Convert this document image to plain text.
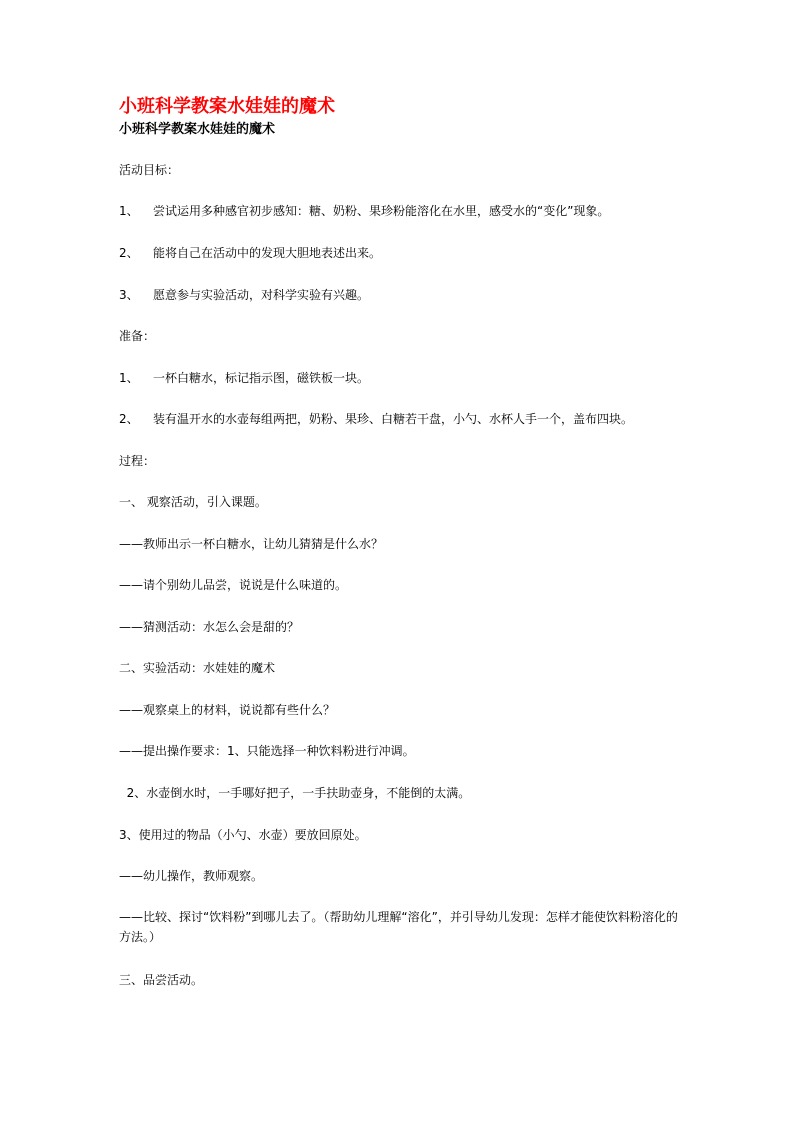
小班科学教案水娃娃的魔术
小班科学教案水娃娃的魔术
活动目标：
1、 尝试运用多种感官初步感知：糖、奶粉、果珍粉能溶化在水里，感受水的“变化”现象。
2、 能将自己在活动中的发现大胆地表述出来。
3、 愿意参与实验活动，对科学实验有兴趣。
准备：
1、 一杯白糖水，标记指示图，磁铁板一块。
2、 装有温开水的水壶每组两把，奶粉、果珍、白糖若干盘，小勺、水杯人手一个，盖布四块。
过程：
一、 观察活动，引入课题。
——教师出示一杯白糖水，让幼儿猜猜是什么水？
——请个别幼儿品尝，说说是什么味道的。
——猜测活动：水怎么会是甜的？
二、实验活动：水娃娃的魔术
——观察桌上的材料，说说都有些什么？
——提出操作要求：1、只能选择一种饮料粉进行冲调。
2、水壶倒水时，一手哪好把子，一手扶助壶身，不能倒的太满。
3、使用过的物品（小勺、水壶）要放回原处。
——幼儿操作，教师观察。
——比较、探讨“饮料粉”到哪儿去了。（帮助幼儿理解“溶化”，并引导幼儿发现：怎样才能使饮料粉溶化的方法。）
三、品尝活动。
